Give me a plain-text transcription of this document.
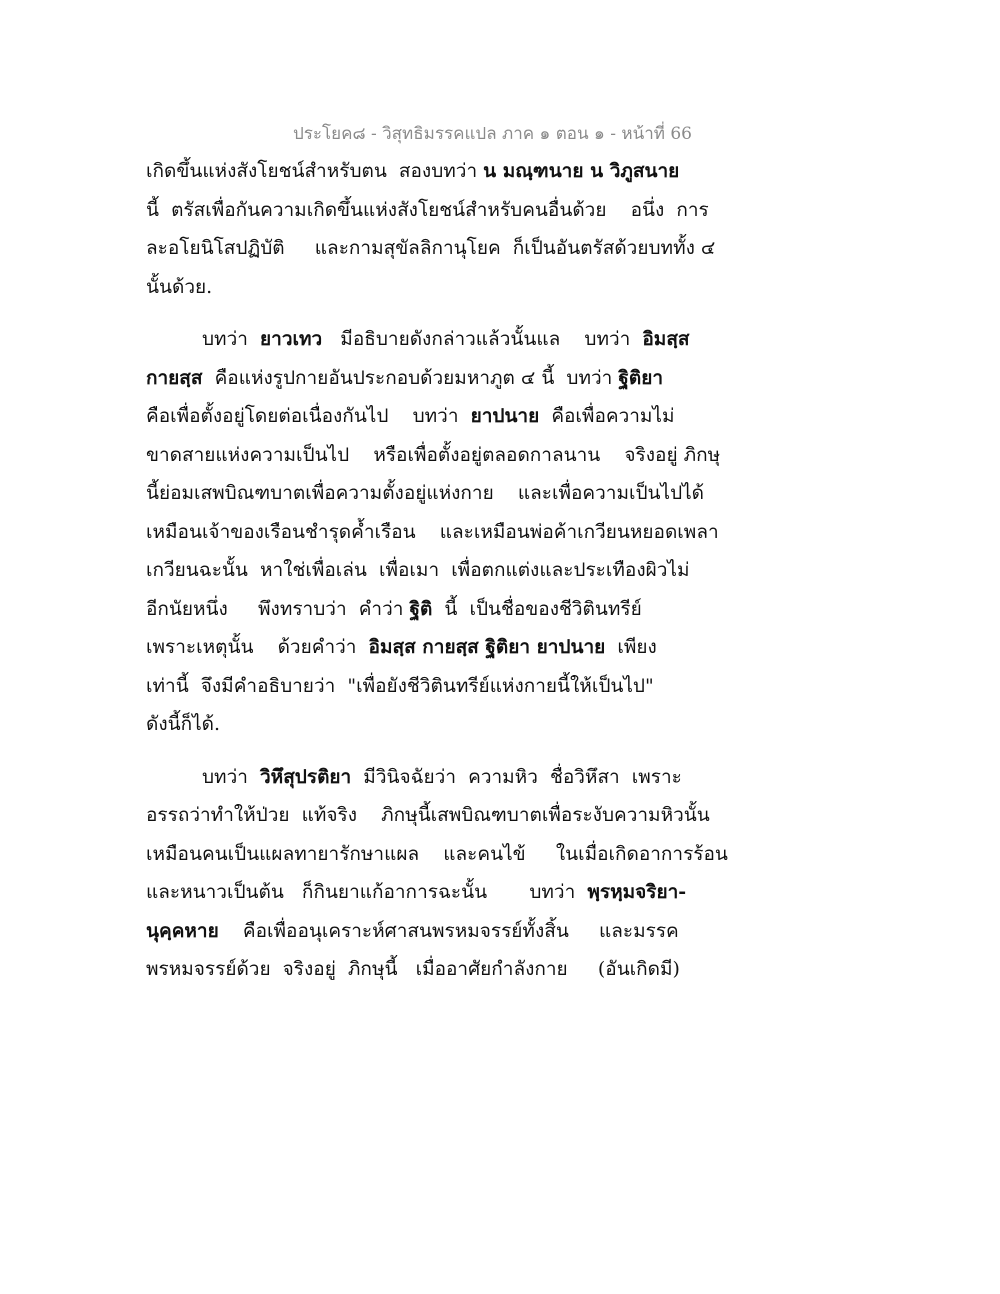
ประโยค๘ - วิสุทธิมรรคแปล ภาค ๑ ตอน ๑ - หน้าที่ 66
เกิดขึ้นแห่งสังโยชน์สำหรับตน  สองบทว่า น มณฺฑนาย น วิภูสนาย
นี้  ตรัสเพื่อกันความเกิดขึ้นแห่งสังโยชน์สำหรับคนอื่นด้วย    อนึ่ง  การ
ละอโยนิโสปฏิบัติ     และกามสุขัลลิกานุโยค  ก็เป็นอันตรัสด้วยบททั้ง ๔
นั้นด้วย.
บทว่า  ยาวเทว   มีอธิบายดังกล่าวแล้วนั้นแล    บทว่า  อิมสฺส
กายสฺส  คือแห่งรูปกายอันประกอบด้วยมหาภูต ๔ นี้  บทว่า ฐิติยา
คือเพื่อตั้งอยู่โดยต่อเนื่องกันไป    บทว่า  ยาปนาย  คือเพื่อความไม่
ขาดสายแห่งความเป็นไป    หรือเพื่อตั้งอยู่ตลอดกาลนาน    จริงอยู่ ภิกษุ
นี้ย่อมเสพบิณฑบาตเพื่อความตั้งอยู่แห่งกาย    และเพื่อความเป็นไปได้
เหมือนเจ้าของเรือนชำรุดค้ำเรือน    และเหมือนพ่อค้าเกวียนหยอดเพลา
เกวียนฉะนั้น  หาใช่เพื่อเล่น  เพื่อเมา  เพื่อตกแต่งและประเทืองผิวไม่
อีกนัยหนึ่ง     พึงทราบว่า  คำว่า ฐิติ  นี้  เป็นชื่อของชีวิตินทรีย์
เพราะเหตุนั้น    ด้วยคำว่า  อิมสฺส กายสฺส ฐิติยา ยาปนาย  เพียง
เท่านี้  จึงมีคำอธิบายว่า  "เพื่อยังชีวิตินทรีย์แห่งกายนี้ให้เป็นไป"
ดังนี้ก็ได้.
บทว่า  วิหึสุปรติยา  มีวินิจฉัยว่า  ความหิว  ชื่อวิหึสา  เพราะ
อรรถว่าทำให้ป่วย  แท้จริง    ภิกษุนี้เสพบิณฑบาตเพื่อระงับความหิวนั้น
เหมือนคนเป็นแผลทายารักษาแผล    และคนไข้     ในเมื่อเกิดอาการร้อน
และหนาวเป็นต้น   ก็กินยาแก้อาการฉะนั้น       บทว่า  พฺรหฺมจริยา-
นุคฺคหาย    คือเพื่ออนุเคราะห์ศาสนพรหมจรรย์ทั้งสิ้น     และมรรค
พรหมจรรย์ด้วย  จริงอยู่  ภิกษุนี้   เมื่ออาศัยกำลังกาย     (อันเกิดมี)
